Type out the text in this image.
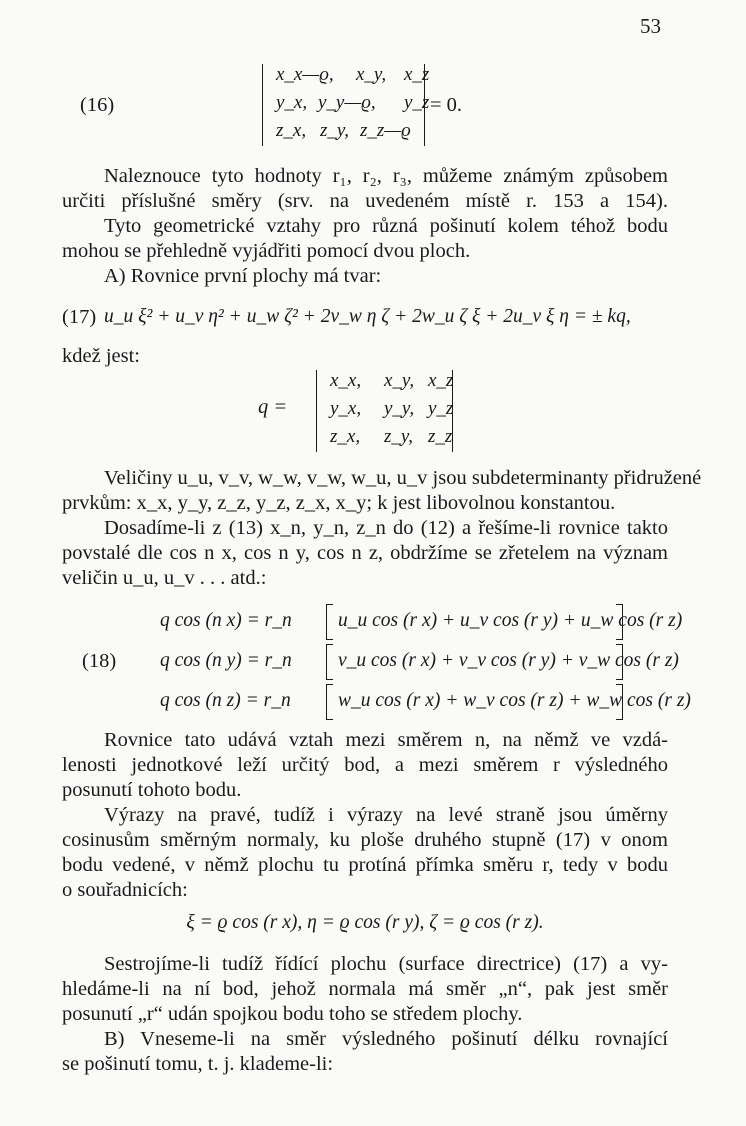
53
(16)
x_x—ϱ, x_y, x_z
y_x, y_y—ϱ, y_z
z_x, z_y, z_z—ϱ
= 0.
Naleznouce tyto hodnoty r₁, r₂, r₃, můžeme známým způsobem
určiti příslušné směry (srv. na uvedeném místě r. 153 a 154).
Tyto geometrické vztahy pro různá pošinutí kolem téhož bodu
mohou se přehledně vyjádřiti pomocí dvou ploch.
A) Rovnice první plochy má tvar:
(17) u_u ξ² + u_v η² + u_w ζ² + 2v_w η ζ + 2w_u ζ ξ + 2u_v ξ η = ± kq,
kdež jest:
q =
x_x, x_y, x_z
y_x, y_y, y_z
z_x, z_y, z_z
Veličiny u_u, v_v, w_w, v_w, w_u, u_v jsou subdeterminanty přidružené
prvkům: x_x, y_y, z_z, y_z, z_x, x_y; k jest libovolnou konstantou.
Dosadíme-li z (13) x_n, y_n, z_n do (12) a řešíme-li rovnice takto
povstalé dle cos n x, cos n y, cos n z, obdržíme se zřetelem na význam
veličin u_u, u_v . . . atd.:
(18)
q cos (n x) = r_n u_u cos (r x) + u_v cos (r y) + u_w cos (r z)
q cos (n y) = r_n v_u cos (r x) + v_v cos (r y) + v_w cos (r z)
q cos (n z) = r_n w_u cos (r x) + w_v cos (r z) + w_w cos (r z)
Rovnice tato udává vztah mezi směrem n, na němž ve vzdá-
lenosti jednotkové leží určitý bod, a mezi směrem r výsledného
posunutí tohoto bodu.
Výrazy na pravé, tudíž i výrazy na levé straně jsou úměrny
cosinusům směrným normaly, ku ploše druhého stupně (17) v onom
bodu vedené, v němž plochu tu protíná přímka směru r, tedy v bodu
o souřadnicích:
ξ = ϱ cos (r x), η = ϱ cos (r y), ζ = ϱ cos (r z).
Sestrojíme-li tudíž řídící plochu (surface directrice) (17) a vy-
hledáme-li na ní bod, jehož normala má směr „n“, pak jest směr
posunutí „r“ udán spojkou bodu toho se středem plochy.
B) Vneseme-li na směr výsledného pošinutí délku rovnající
se pošinutí tomu, t. j. klademe-li:
